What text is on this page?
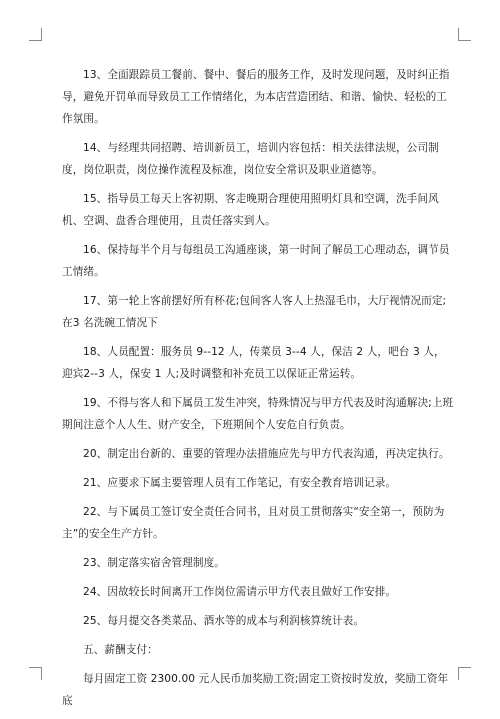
13、全面跟踪员工餐前、餐中、餐后的服务工作，及时发现问题，及时纠正指导，避免开罚单而导致员工工作情绪化，为本店营造团结、和谐、愉快、轻松的工作氛围。

14、与经理共同招聘、培训新员工，培训内容包括：相关法律法规，公司制度，岗位职责，岗位操作流程及标准，岗位安全常识及职业道德等。

15、指导员工每天上客初期、客走晚期合理使用照明灯具和空调，洗手间风机、空调、盘香合理使用，且责任落实到人。

16、保持每半个月与每组员工沟通座谈，第一时间了解员工心理动态，调节员工情绪。

17、第一轮上客前摆好所有杯花;包间客人客人上热湿毛巾，大厅视情况而定;在3 名洗碗工情况下

18、人员配置：服务员 9--12 人，传菜员 3--4 人，保洁 2 人，吧台 3 人，迎宾2--3 人，保安 1 人;及时调整和补充员工以保证正常运转。

19、不得与客人和下属员工发生冲突，特殊情况与甲方代表及时沟通解决;上班期间注意个人人生、财产安全，下班期间个人安危自行负责。

20、制定出台新的、重要的管理办法措施应先与甲方代表沟通，再决定执行。

21、应要求下属主要管理人员有工作笔记，有安全教育培训记录。

22、与下属员工签订安全责任合同书，且对员工贯彻落实“安全第一，预防为主”的安全生产方针。

23、制定落实宿舍管理制度。

24、因故较长时间离开工作岗位需请示甲方代表且做好工作安排。

25、每月提交各类菜品、酒水等的成本与利润核算统计表。

五、薪酬支付：

每月固定工资 2300.00 元人民币加奖励工资;固定工资按时发放，奖励工资年底
